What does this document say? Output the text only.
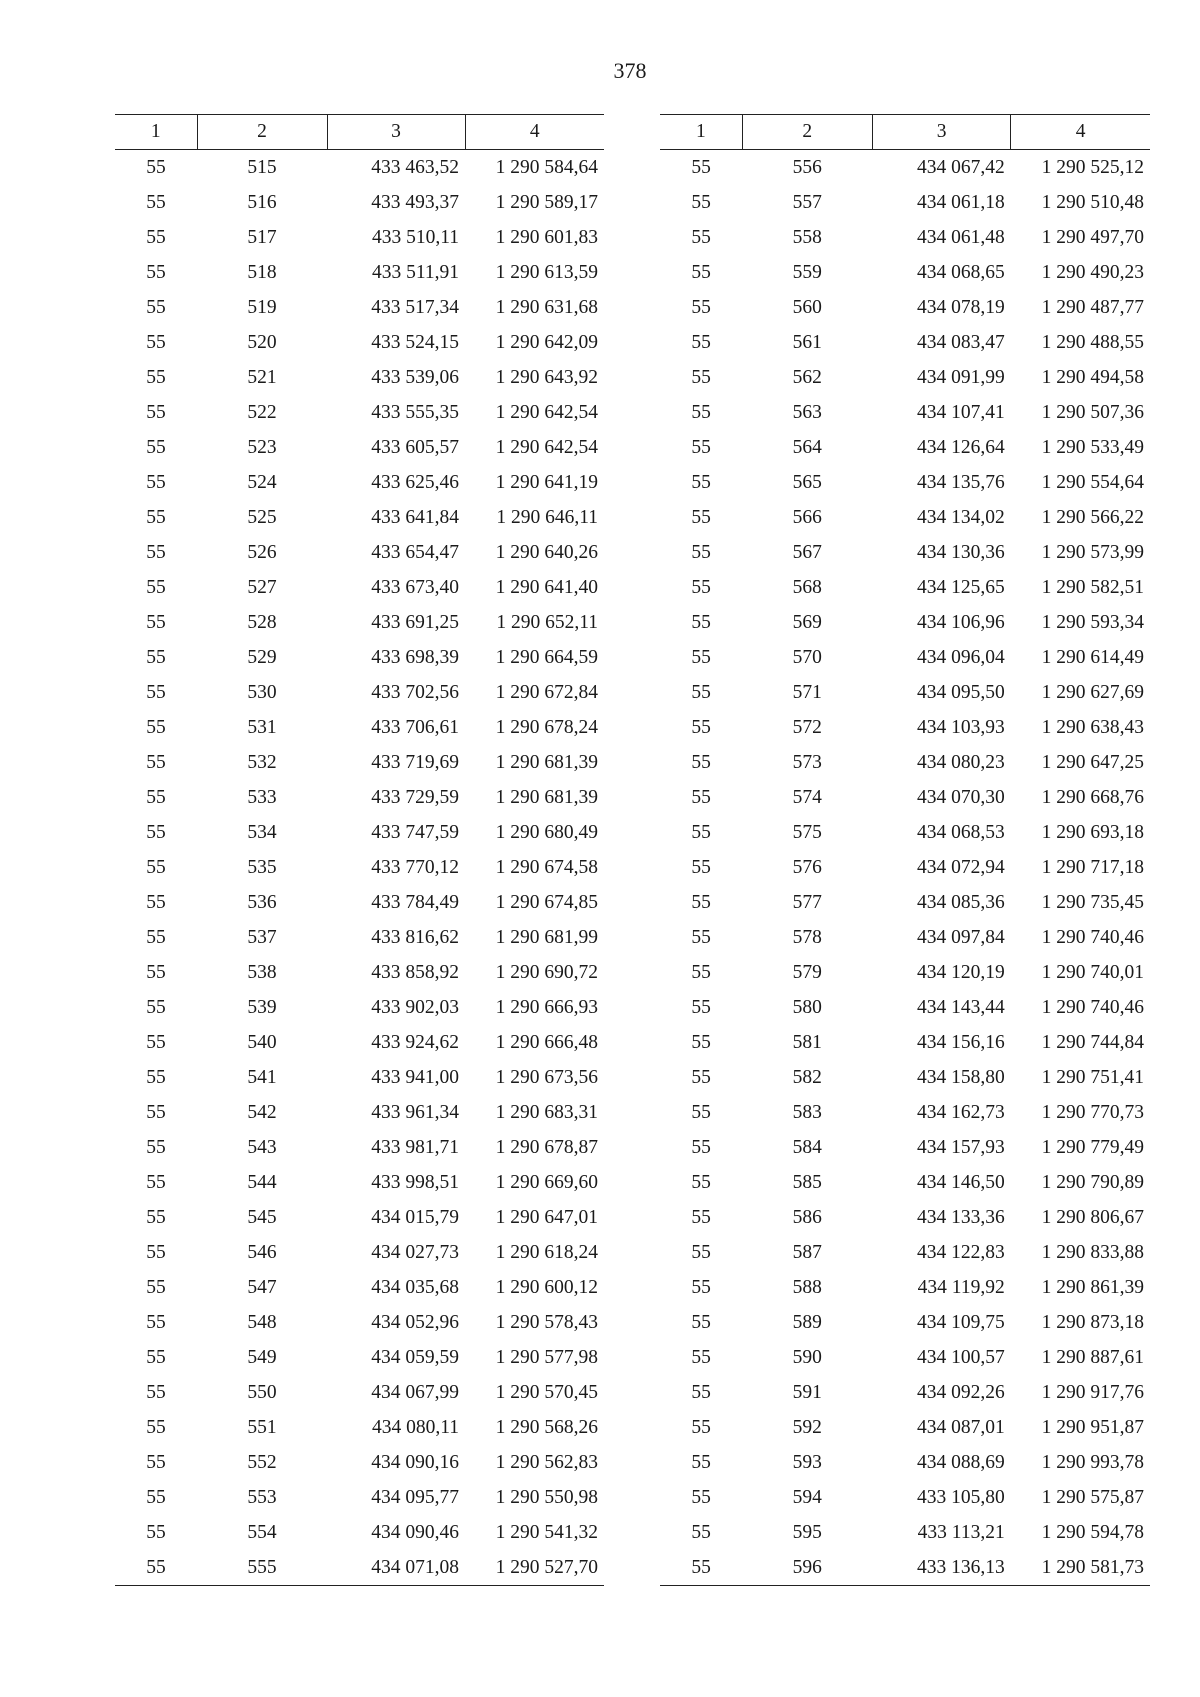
378
1	2	3	4
55	515	433 463,52	1 290 584,64
55	516	433 493,37	1 290 589,17
55	517	433 510,11	1 290 601,83
55	518	433 511,91	1 290 613,59
55	519	433 517,34	1 290 631,68
55	520	433 524,15	1 290 642,09
55	521	433 539,06	1 290 643,92
55	522	433 555,35	1 290 642,54
55	523	433 605,57	1 290 642,54
55	524	433 625,46	1 290 641,19
55	525	433 641,84	1 290 646,11
55	526	433 654,47	1 290 640,26
55	527	433 673,40	1 290 641,40
55	528	433 691,25	1 290 652,11
55	529	433 698,39	1 290 664,59
55	530	433 702,56	1 290 672,84
55	531	433 706,61	1 290 678,24
55	532	433 719,69	1 290 681,39
55	533	433 729,59	1 290 681,39
55	534	433 747,59	1 290 680,49
55	535	433 770,12	1 290 674,58
55	536	433 784,49	1 290 674,85
55	537	433 816,62	1 290 681,99
55	538	433 858,92	1 290 690,72
55	539	433 902,03	1 290 666,93
55	540	433 924,62	1 290 666,48
55	541	433 941,00	1 290 673,56
55	542	433 961,34	1 290 683,31
55	543	433 981,71	1 290 678,87
55	544	433 998,51	1 290 669,60
55	545	434 015,79	1 290 647,01
55	546	434 027,73	1 290 618,24
55	547	434 035,68	1 290 600,12
55	548	434 052,96	1 290 578,43
55	549	434 059,59	1 290 577,98
55	550	434 067,99	1 290 570,45
55	551	434 080,11	1 290 568,26
55	552	434 090,16	1 290 562,83
55	553	434 095,77	1 290 550,98
55	554	434 090,46	1 290 541,32
55	555	434 071,08	1 290 527,70
1	2	3	4
55	556	434 067,42	1 290 525,12
55	557	434 061,18	1 290 510,48
55	558	434 061,48	1 290 497,70
55	559	434 068,65	1 290 490,23
55	560	434 078,19	1 290 487,77
55	561	434 083,47	1 290 488,55
55	562	434 091,99	1 290 494,58
55	563	434 107,41	1 290 507,36
55	564	434 126,64	1 290 533,49
55	565	434 135,76	1 290 554,64
55	566	434 134,02	1 290 566,22
55	567	434 130,36	1 290 573,99
55	568	434 125,65	1 290 582,51
55	569	434 106,96	1 290 593,34
55	570	434 096,04	1 290 614,49
55	571	434 095,50	1 290 627,69
55	572	434 103,93	1 290 638,43
55	573	434 080,23	1 290 647,25
55	574	434 070,30	1 290 668,76
55	575	434 068,53	1 290 693,18
55	576	434 072,94	1 290 717,18
55	577	434 085,36	1 290 735,45
55	578	434 097,84	1 290 740,46
55	579	434 120,19	1 290 740,01
55	580	434 143,44	1 290 740,46
55	581	434 156,16	1 290 744,84
55	582	434 158,80	1 290 751,41
55	583	434 162,73	1 290 770,73
55	584	434 157,93	1 290 779,49
55	585	434 146,50	1 290 790,89
55	586	434 133,36	1 290 806,67
55	587	434 122,83	1 290 833,88
55	588	434 119,92	1 290 861,39
55	589	434 109,75	1 290 873,18
55	590	434 100,57	1 290 887,61
55	591	434 092,26	1 290 917,76
55	592	434 087,01	1 290 951,87
55	593	434 088,69	1 290 993,78
55	594	433 105,80	1 290 575,87
55	595	433 113,21	1 290 594,78
55	596	433 136,13	1 290 581,73
